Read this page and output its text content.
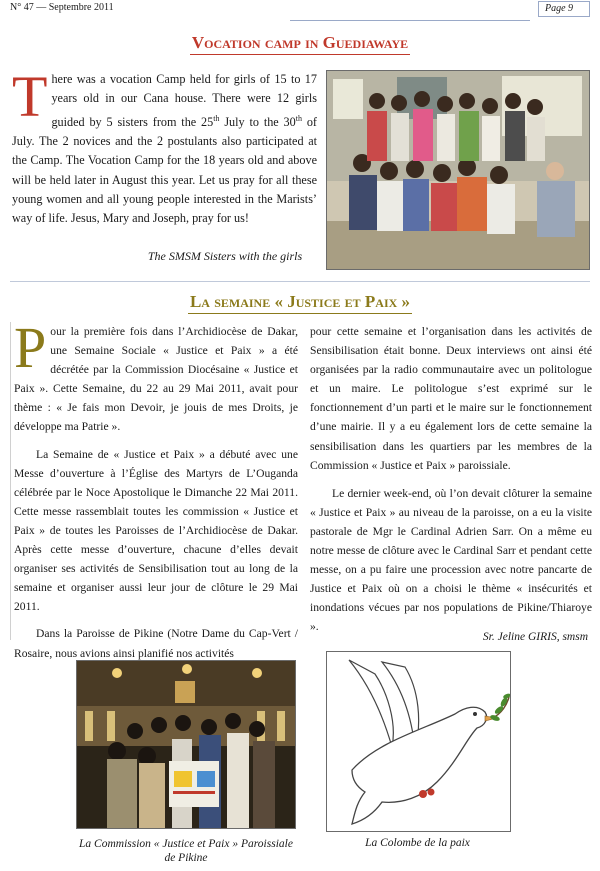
N° 47 — Septembre 2011	Page 9
Vocation camp in Guediawaye
There was a vocation Camp held for girls of 15 to 17 years old in our Cana house. There were 12 girls guided by 5 sisters from the 25th July to the 30th of July. The 2 novices and the 2 postulants also participated at the Camp. The Vocation Camp for the 18 years old and above will be held later in August this year. Let us pray for all these young women and all young people interested in the Marists’ way of life. Jesus, Mary and Joseph, pray for us!
The SMSM Sisters with the girls
La semaine « Justice et Paix »

Pour la première fois dans l’Archidiocèse de Dakar, une Semaine Sociale « Justice et Paix » a été décrétée par la Commission Diocésaine « Justice et Paix ». Cette Semaine, du 22 au 29 Mai 2011, avait pour thème : « Je fais mon Devoir, je jouis de mes Droits, je développe ma Patrie ».

La Semaine de « Justice et Paix » a débuté avec une Messe d’ouverture à l’Église des Martyrs de L’Ouganda célébrée par le Noce Apostolique le Dimanche 22 Mai 2011. Cette messe rassemblait toutes les commission « Justice et Paix » de toutes les Paroisses de l’Archidiocèse de Dakar. Après cette messe d’ouverture, chacune d’elles devait organiser ses activités de Sensibilisation tout au long de la semaine et organiser aussi leur jour de clôture le 29 Mai 2011.

Dans la Paroisse de Pikine (Notre Dame du Cap-Vert / Rosaire, nous avions ainsi planifié nos activités

pour cette semaine et l’organisation dans les activités de Sensibilisation était bonne. Deux interviews ont ainsi été organisées par la radio communautaire avec un politologue et un maire. Le politologue s’est exprimé sur le fonctionnement d’un parti et le maire sur le fonctionnement d’une mairie. Il y a eu également lors de cette semaine la sensibilisation dans les quartiers par les membres de la Commission « Justice et Paix » paroissiale.

Le dernier week-end, où l’on devait clôturer la semaine « Justice et Paix » au niveau de la paroisse, on a eu la visite pastorale de Mgr le Cardinal Adrien Sarr. On a même eu notre messe de clôture avec le Cardinal Sarr et pendant cette messe, on a pu faire une procession avec notre pancarte de Justice et Paix où on a choisi le thème « insécurités et inondations vécues par nos populations de Pikine/Thiaroye ».

Sr. Jeline GIRIS, smsm
La Commission « Justice et Paix » Paroissiale de Pikine
La Colombe de la paix
